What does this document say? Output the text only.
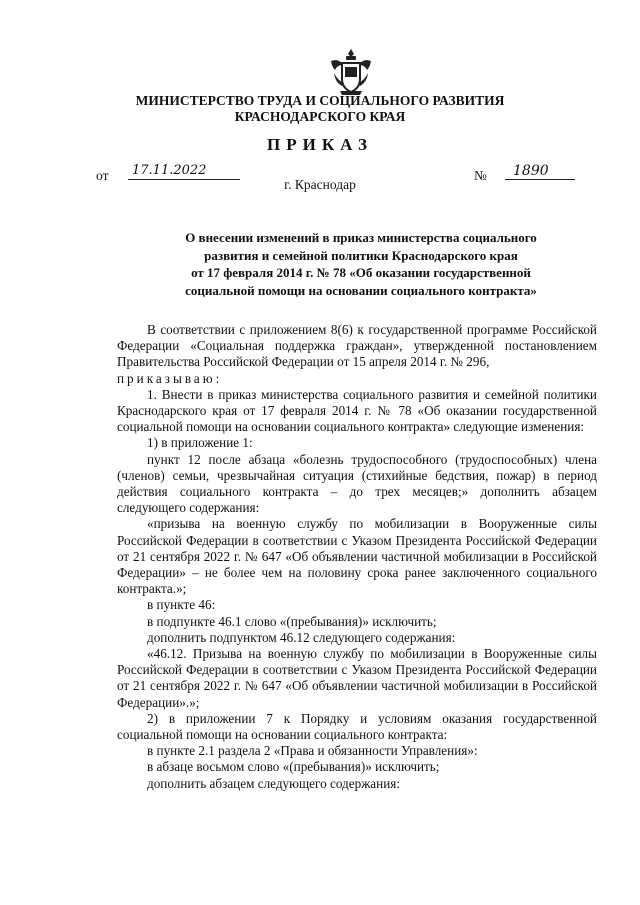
МИНИСТЕРСТВО ТРУДА И СОЦИАЛЬНОГО РАЗВИТИЯ
КРАСНОДАРСКОГО КРАЯ
ПРИКАЗ
от	17.11.2022	№	1890
г. Краснодар
О внесении изменений в приказ министерства социального
развития и семейной политики Краснодарского края
от 17 февраля 2014 г. № 78 «Об оказании государственной
социальной помощи на основании социального контракта»

В соответствии с приложением 8(6) к государственной программе Российской Федерации «Социальная поддержка граждан», утвержденной постановлением Правительства Российской Федерации от 15 апреля 2014 г. № 296,

приказываю:

1. Внести в приказ министерства социального развития и семейной политики Краснодарского края от 17 февраля 2014 г. № 78 «Об оказании государственной социальной помощи на основании социального контракта» следующие изменения:

1) в приложение 1:

пункт 12 после абзаца «болезнь трудоспособного (трудоспособных) члена (членов) семьи, чрезвычайная ситуация (стихийные бедствия, пожар) в период действия социального контракта – до трех месяцев;» дополнить абзацем следующего содержания:

«призыва на военную службу по мобилизации в Вооруженные силы Российской Федерации в соответствии с Указом Президента Российской Федерации от 21 сентября 2022 г. № 647 «Об объявлении частичной мобилизации в Российской Федерации» – не более чем на половину срока ранее заключенного социального контракта.»;

в пункте 46:

в подпункте 46.1 слово «(пребывания)» исключить;

дополнить подпунктом 46.12 следующего содержания:

«46.12. Призыва на военную службу по мобилизации в Вооруженные силы Российской Федерации в соответствии с Указом Президента Российской Федерации от 21 сентября 2022 г. № 647 «Об объявлении частичной мобилизации в Российской Федерации».»;

2) в приложении 7 к Порядку и условиям оказания государственной социальной помощи на основании социального контракта:

в пункте 2.1 раздела 2 «Права и обязанности Управления»:

в абзаце восьмом слово «(пребывания)» исключить;

дополнить абзацем следующего содержания:
